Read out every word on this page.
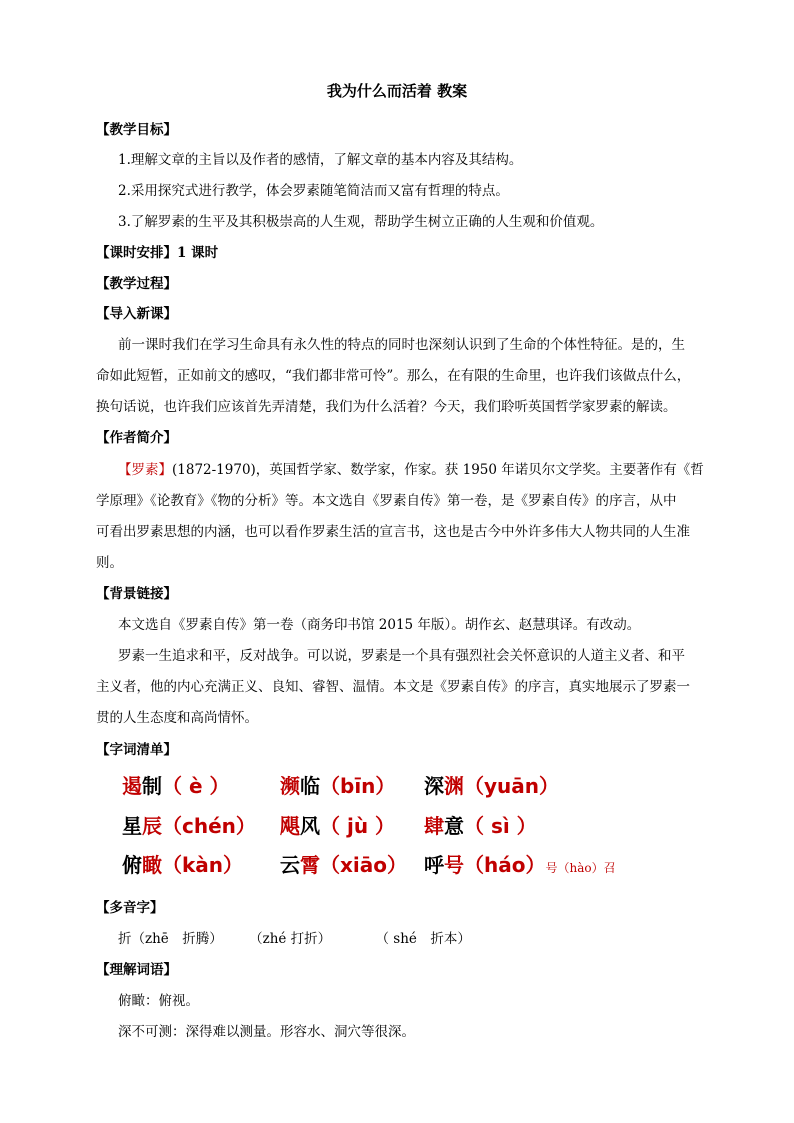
我为什么而活着 教案
【教学目标】
1.理解文章的主旨以及作者的感情，了解文章的基本内容及其结构。
2.采用探究式进行教学，体会罗素随笔简洁而又富有哲理的特点。
3.了解罗素的生平及其积极崇高的人生观，帮助学生树立正确的人生观和价值观。
【课时安排】1 课时
【教学过程】
【导入新课】
前一课时我们在学习生命具有永久性的特点的同时也深刻认识到了生命的个体性特征。是的，生
命如此短暂，正如前文的感叹，“我们都非常可怜”。那么，在有限的生命里，也许我们该做点什么，
换句话说，也许我们应该首先弄清楚，我们为什么活着？今天，我们聆听英国哲学家罗素的解读。
【作者简介】
【罗素】(1872-1970)，英国哲学家、数学家，作家。获 1950 年诺贝尔文学奖。主要著作有《哲
学原理》《论教育》《物的分析》等。本文选自《罗素自传》第一卷，是《罗素自传》的序言，从中
可看出罗素思想的内涵，也可以看作罗素生活的宣言书，这也是古今中外许多伟大人物共同的人生准
则。
【背景链接】
本文选自《罗素自传》第一卷（商务印书馆 2015 年版）。胡作玄、赵慧琪译。有改动。
罗素一生追求和平，反对战争。可以说，罗素是一个具有强烈社会关怀意识的人道主义者、和平
主义者，他的内心充满正义、良知、睿智、温情。本文是《罗素自传》的序言，真实地展示了罗素一
贯的人生态度和高尚情怀。
【字词清单】
遏制（ è ）	濒临（bīn） 深渊（yuān）
星辰（chén） 飓风（ jù ） 肆意（ sì ）
俯瞰（kàn） 云霄（xiāo） 呼号（háo）号（hào）召
【多音字】
折（zhē　折腾） （zhé 打折）	（ shé　折本）
【理解词语】
俯瞰：俯视。
深不可测：深得难以测量。形容水、洞穴等很深。
